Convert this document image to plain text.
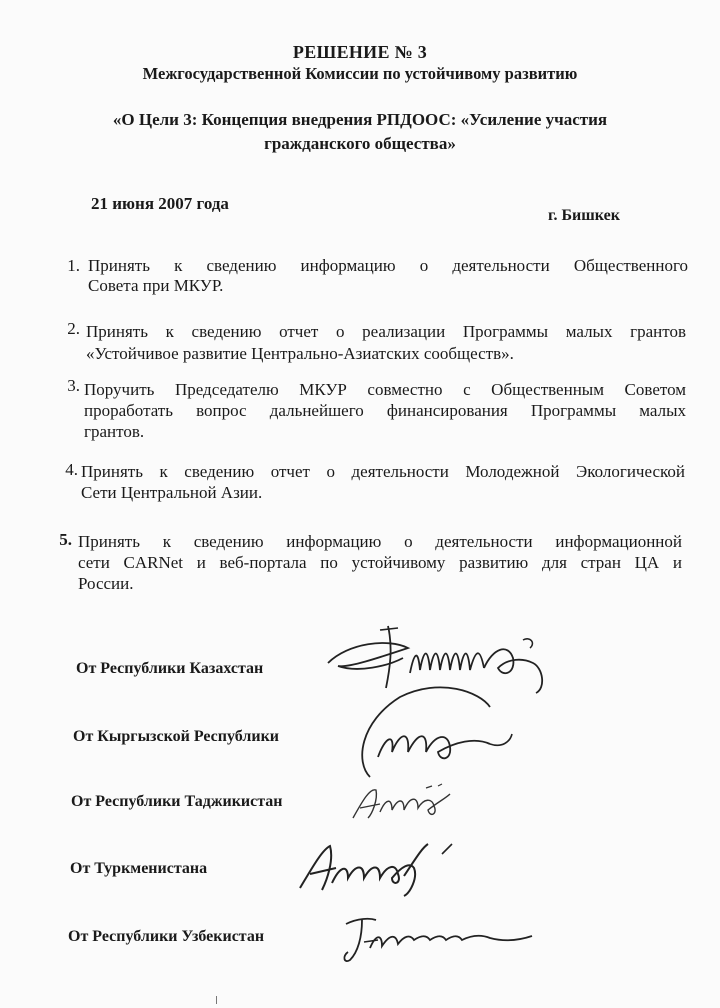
РЕШЕНИЕ № 3
Межгосударственной Комиссии по устойчивому развитию
«О Цели 3: Концепция внедрения РПДООС: «Усиление участия
гражданского общества»
21 июня 2007 года
г. Бишкек
1. Принять к сведению информацию о деятельности Общественного
Совета при МКУР.
2. Принять к сведению отчет о реализации Программы малых грантов
«Устойчивое развитие Центрально-Азиатских сообществ».
3. Поручить Председателю МКУР совместно с Общественным Советом
проработать вопрос дальнейшего финансирования Программы малых
грантов.
4. Принять к сведению отчет о деятельности Молодежной Экологической
Сети Центральной Азии.
5. Принять к сведению информацию о деятельности информационной
сети CARNet и веб-портала по устойчивому развитию для стран ЦА и
России.
От Республики Казахстан
От Кыргызской Республики
От Республики Таджикистан
От Туркменистана
От Республики Узбекистан
